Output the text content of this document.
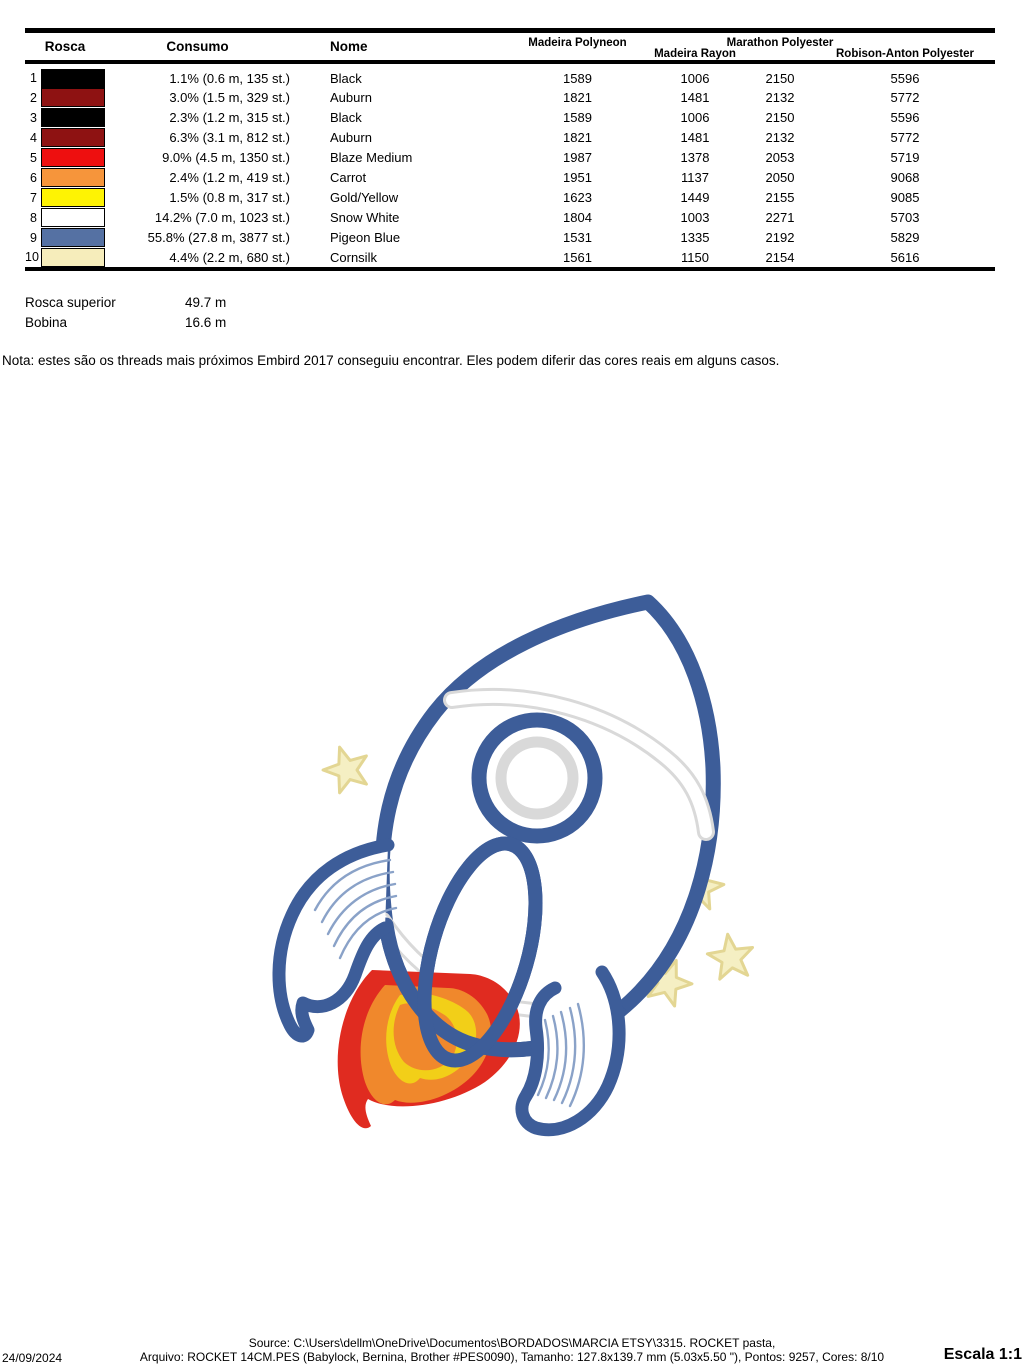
Rosca		Consumo	Nome	Madeira Polyneon	Madeira Rayon	Marathon Polyester	Robison-Anton Polyester

1		1.1% (0.6 m, 135 st.)	Black	1589	1006	2150	5596
2		3.0% (1.5 m, 329 st.)	Auburn	1821	1481	2132	5772
3		2.3% (1.2 m, 315 st.)	Black	1589	1006	2150	5596
4		6.3% (3.1 m, 812 st.)	Auburn	1821	1481	2132	5772
5		9.0% (4.5 m, 1350 st.)	Blaze Medium	1987	1378	2053	5719
6		2.4% (1.2 m, 419 st.)	Carrot	1951	1137	2050	9068
7		1.5% (0.8 m, 317 st.)	Gold/Yellow	1623	1449	2155	9085
8		14.2% (7.0 m, 1023 st.)	Snow White	1804	1003	2271	5703
9		55.8% (27.8 m, 3877 st.)	Pigeon Blue	1531	1335	2192	5829
10		4.4% (2.2 m, 680 st.)	Cornsilk	1561	1150	2154	5616
Rosca superior	49.7 m
Bobina	16.6 m
Nota: estes são os threads mais próximos Embird 2017 conseguiu encontrar. Eles podem diferir das cores reais em alguns casos.
Source: C:\Users\dellm\OneDrive\Documentos\BORDADOS\MARCIA ETSY\3315. ROCKET pasta,
Arquivo: ROCKET 14CM.PES (Babylock, Bernina, Brother #PES0090), Tamanho: 127.8x139.7 mm (5.03x5.50 "), Pontos: 9257, Cores: 8/10
24/09/2024	Escala 1:1
